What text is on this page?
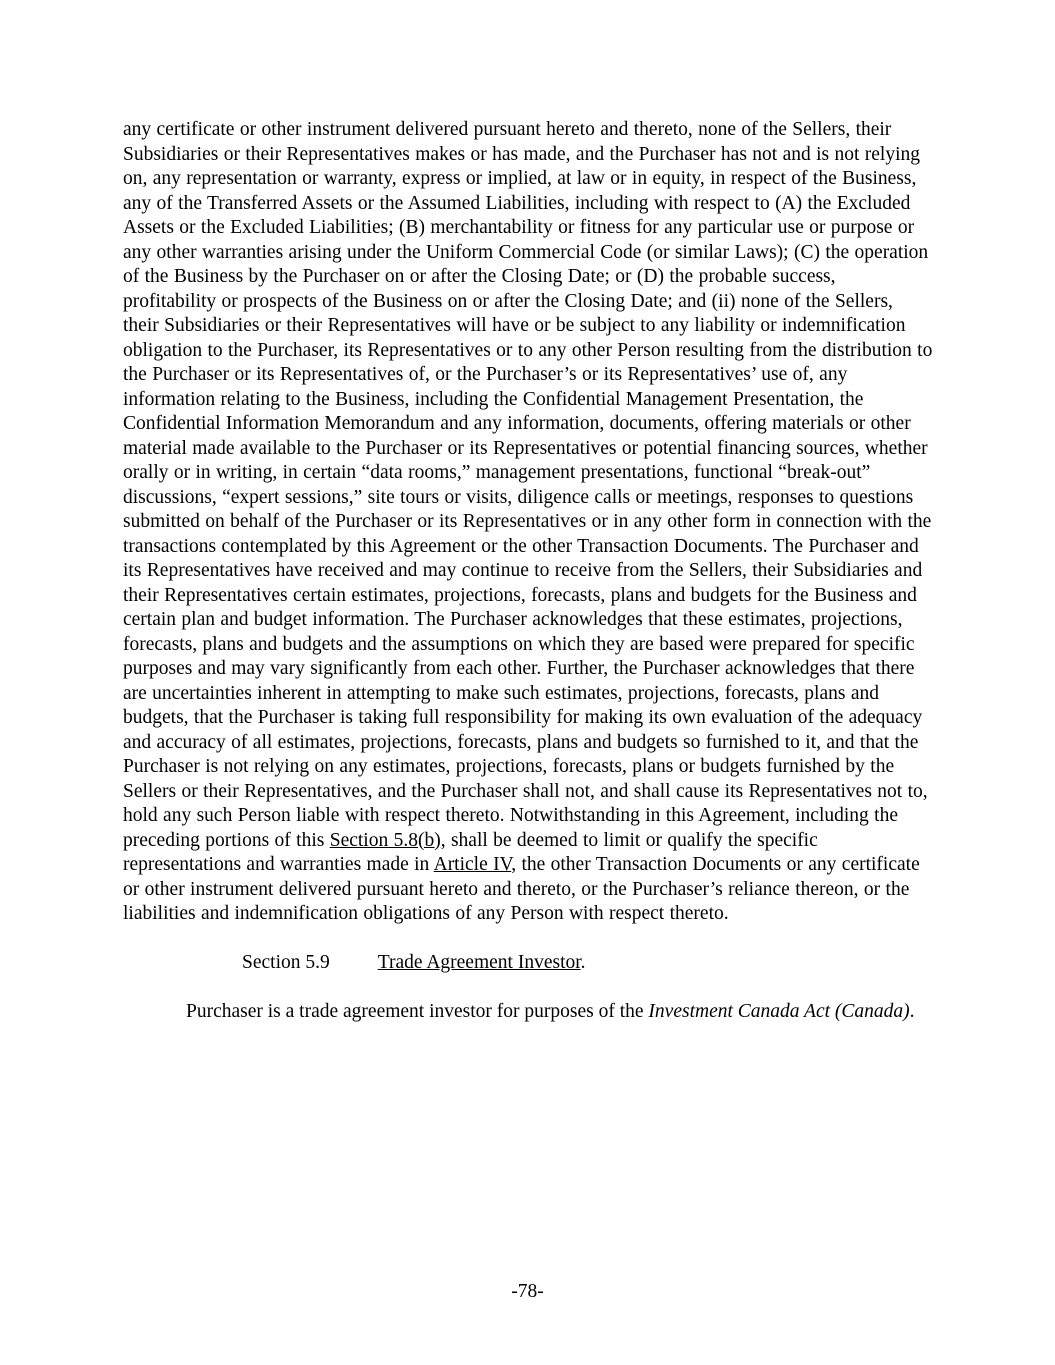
any certificate or other instrument delivered pursuant hereto and thereto, none of the Sellers, their Subsidiaries or their Representatives makes or has made, and the Purchaser has not and is not relying on, any representation or warranty, express or implied, at law or in equity, in respect of the Business, any of the Transferred Assets or the Assumed Liabilities, including with respect to (A) the Excluded Assets or the Excluded Liabilities; (B) merchantability or fitness for any particular use or purpose or any other warranties arising under the Uniform Commercial Code (or similar Laws); (C) the operation of the Business by the Purchaser on or after the Closing Date; or (D) the probable success, profitability or prospects of the Business on or after the Closing Date; and (ii) none of the Sellers, their Subsidiaries or their Representatives will have or be subject to any liability or indemnification obligation to the Purchaser, its Representatives or to any other Person resulting from the distribution to the Purchaser or its Representatives of, or the Purchaser’s or its Representatives’ use of, any information relating to the Business, including the Confidential Management Presentation, the Confidential Information Memorandum and any information, documents, offering materials or other material made available to the Purchaser or its Representatives or potential financing sources, whether orally or in writing, in certain “data rooms,” management presentations, functional “break-out” discussions, “expert sessions,” site tours or visits, diligence calls or meetings, responses to questions submitted on behalf of the Purchaser or its Representatives or in any other form in connection with the transactions contemplated by this Agreement or the other Transaction Documents. The Purchaser and its Representatives have received and may continue to receive from the Sellers, their Subsidiaries and their Representatives certain estimates, projections, forecasts, plans and budgets for the Business and certain plan and budget information. The Purchaser acknowledges that these estimates, projections, forecasts, plans and budgets and the assumptions on which they are based were prepared for specific purposes and may vary significantly from each other. Further, the Purchaser acknowledges that there are uncertainties inherent in attempting to make such estimates, projections, forecasts, plans and budgets, that the Purchaser is taking full responsibility for making its own evaluation of the adequacy and accuracy of all estimates, projections, forecasts, plans and budgets so furnished to it, and that the Purchaser is not relying on any estimates, projections, forecasts, plans or budgets furnished by the Sellers or their Representatives, and the Purchaser shall not, and shall cause its Representatives not to, hold any such Person liable with respect thereto. Notwithstanding in this Agreement, including the preceding portions of this Section 5.8(b), shall be deemed to limit or qualify the specific representations and warranties made in Article IV, the other Transaction Documents or any certificate or other instrument delivered pursuant hereto and thereto, or the Purchaser’s reliance thereon, or the liabilities and indemnification obligations of any Person with respect thereto.

Section 5.9 Trade Agreement Investor.

Purchaser is a trade agreement investor for purposes of the Investment Canada Act (Canada).

-78-
